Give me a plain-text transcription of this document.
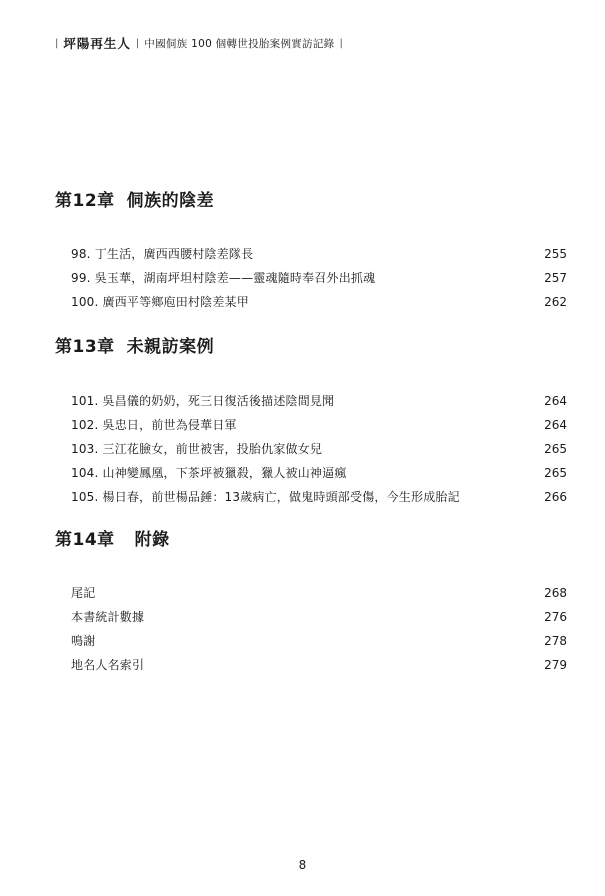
| 坪陽再生人 | 中國侗族 100 個轉世投胎案例實訪記錄 |
第12章 侗族的陰差
98. 丁生活，廣西西腰村陰差隊長	255
99. 吳玉華，湖南坪坦村陰差——靈魂隨時奉召外出抓魂	257
100. 廣西平等鄉庖田村陰差某甲	262
第13章 未親訪案例
101. 吳昌儀的奶奶，死三日復活後描述陰間見聞	264
102. 吳忠日，前世為侵華日軍	264
103. 三江花臉女，前世被害，投胎仇家做女兒	265
104. 山神變鳳凰，下茶坪被獵殺，獵人被山神逼瘋	265
105. 楊日春，前世楊品錘：13歲病亡，做鬼時頭部受傷，今生形成胎記	266
第14章 附錄
尾記	268
本書統計數據	276
鳴謝	278
地名人名索引	279
8
